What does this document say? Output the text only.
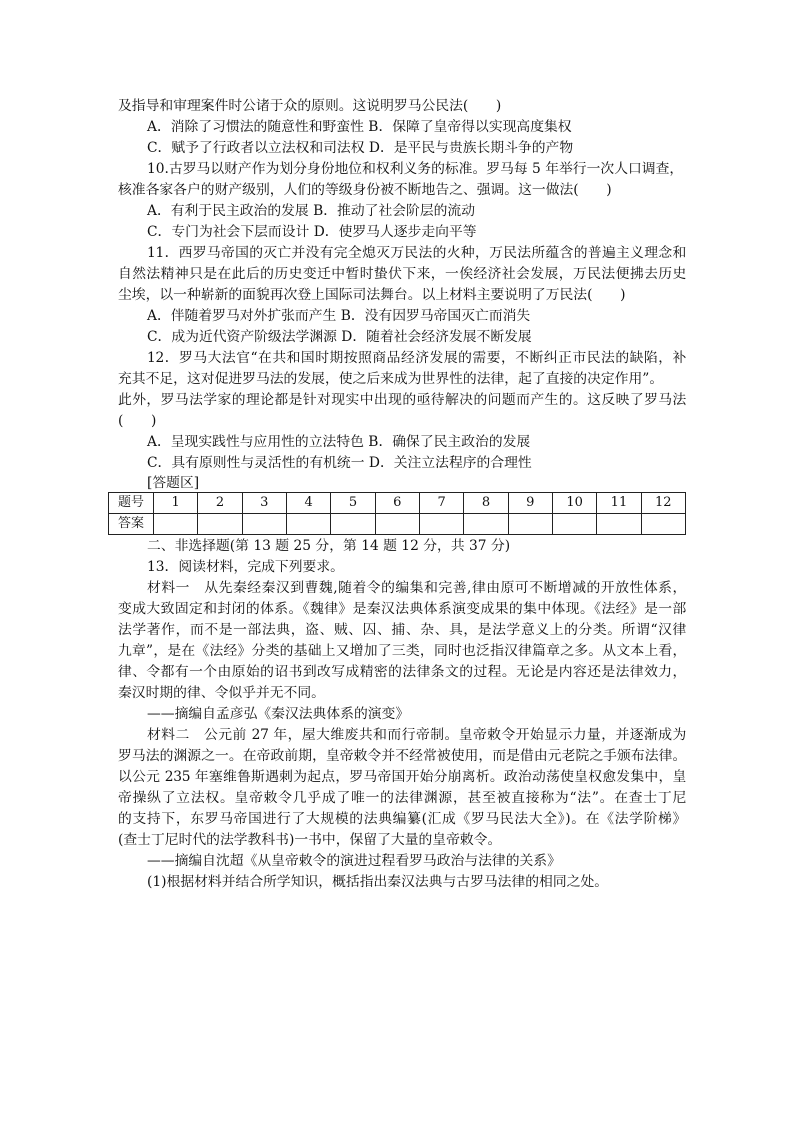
及指导和审理案件时公诸于众的原则。这说明罗马公民法(　　)
A．消除了习惯法的随意性和野蛮性 B．保障了皇帝得以实现高度集权
C．赋予了行政者以立法权和司法权 D．是平民与贵族长期斗争的产物
10.古罗马以财产作为划分身份地位和权利义务的标准。罗马每 5 年举行一次人口调查，
核准各家各户的财产级别，人们的等级身份被不断地告之、强调。这一做法(　　)
A．有利于民主政治的发展 B．推动了社会阶层的流动
C．专门为社会下层而设计 D．使罗马人逐步走向平等
11．西罗马帝国的灭亡并没有完全熄灭万民法的火种，万民法所蕴含的普遍主义理念和
自然法精神只是在此后的历史变迁中暂时蛰伏下来，一俟经济社会发展，万民法便拂去历史
尘埃，以一种崭新的面貌再次登上国际司法舞台。以上材料主要说明了万民法(　　)
A．伴随着罗马对外扩张而产生 B．没有因罗马帝国灭亡而消失
C．成为近代资产阶级法学渊源 D．随着社会经济发展不断发展
12．罗马大法官“在共和国时期按照商品经济发展的需要，不断纠正市民法的缺陷，补
充其不足，这对促进罗马法的发展，使之后来成为世界性的法律，起了直接的决定作用”。
此外，罗马法学家的理论都是针对现实中出现的亟待解决的问题而产生的。这反映了罗马法
(　　)
A．呈现实践性与应用性的立法特色 B．确保了民主政治的发展
C．具有原则性与灵活性的有机统一 D．关注立法程序的合理性
[答题区]
题号	1	2	3	4	5	6	7	8	9	10	11	12
答案												
二、非选择题(第 13 题 25 分，第 14 题 12 分，共 37 分)
13．阅读材料，完成下列要求。
材料一　从先秦经秦汉到曹魏,随着令的编集和完善,律由原可不断增减的开放性体系，
变成大致固定和封闭的体系。《魏律》是秦汉法典体系演变成果的集中体现。《法经》是一部
法学著作，而不是一部法典，盗、贼、囚、捕、杂、具，是法学意义上的分类。所谓“汉律
九章”，是在《法经》分类的基础上又增加了三类，同时也泛指汉律篇章之多。从文本上看，
律、令都有一个由原始的诏书到改写成精密的法律条文的过程。无论是内容还是法律效力，
秦汉时期的律、令似乎并无不同。
——摘编自孟彦弘《秦汉法典体系的演变》
材料二　公元前 27 年，屋大维废共和而行帝制。皇帝敕令开始显示力量，并逐渐成为
罗马法的渊源之一。在帝政前期，皇帝敕令并不经常被使用，而是借由元老院之手颁布法律。
以公元 235 年塞维鲁斯遇刺为起点，罗马帝国开始分崩离析。政治动荡使皇权愈发集中，皇
帝操纵了立法权。皇帝敕令几乎成了唯一的法律渊源，甚至被直接称为“法”。在查士丁尼
的支持下，东罗马帝国进行了大规模的法典编纂(汇成《罗马民法大全》)。在《法学阶梯》
(查士丁尼时代的法学教科书)一书中，保留了大量的皇帝敕令。
——摘编自沈超《从皇帝敕令的演进过程看罗马政治与法律的关系》
(1)根据材料并结合所学知识，概括指出秦汉法典与古罗马法律的相同之处。
